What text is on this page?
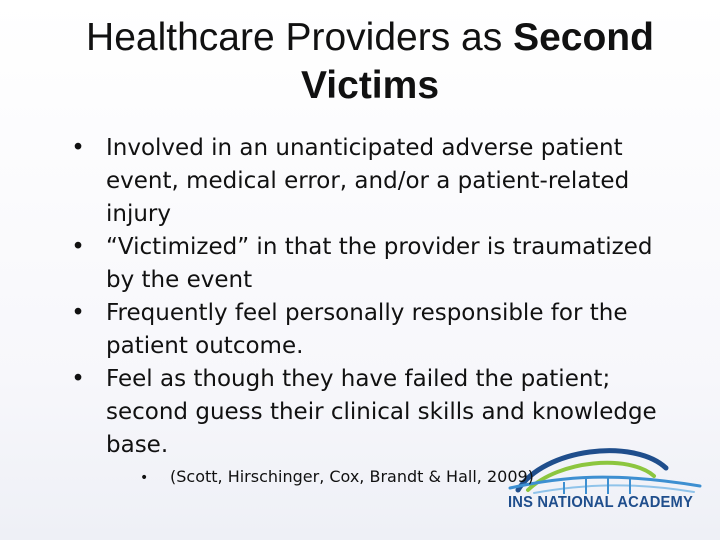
Healthcare Providers as Second
Victims
• Involved in an unanticipated adverse patient event, medical error, and/or a patient-related injury
• “Victimized” in that the provider is traumatized by the event
• Frequently feel personally responsible for the patient outcome.
• Feel as though they have failed the patient; second guess their clinical skills and knowledge base.
INS NATIONAL ACADEMY
• (Scott, Hirschinger, Cox, Brandt & Hall, 2009)
